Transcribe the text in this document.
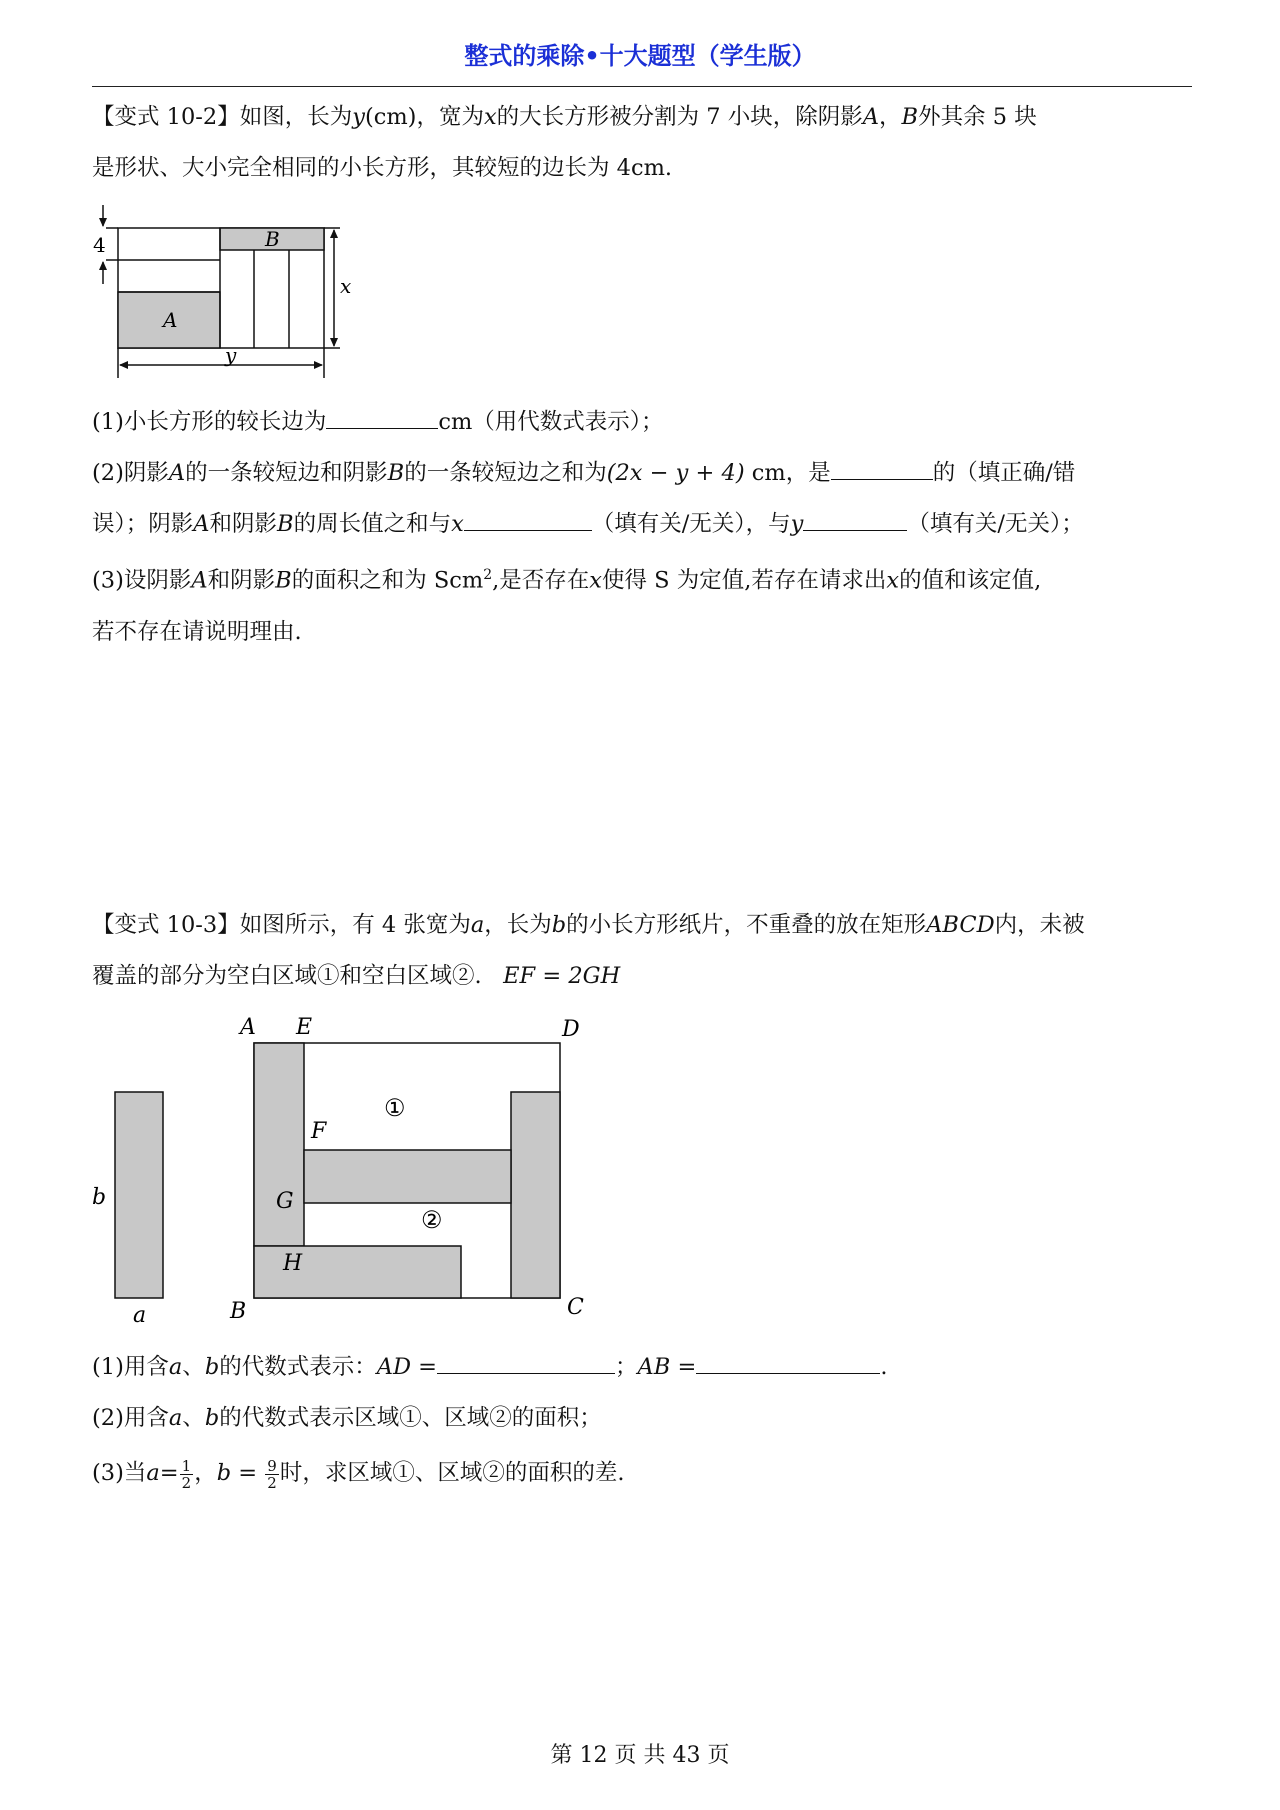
整式的乘除•十大题型（学生版）
【变式 10-2】如图，长为y(cm)，宽为x的大长方形被分割为 7 小块，除阴影A，B外其余 5 块
是形状、大小完全相同的小长方形，其较短的边长为 4cm.
4
A
B
x
y
(1)小长方形的较长边为	cm（用代数式表示）；
(2)阴影A的一条较短边和阴影B的一条较短边之和为(2x − y + 4) cm，是	的（填正确/错
误）；阴影A和阴影B的周长值之和与x	（填有关/无关），与y	（填有关/无关）；
(3)设阴影A和阴影B的面积之和为 Scm$^2$,是否存在x使得 S 为定值,若存在请求出x的值和该定值,
若不存在请说明理由.
【变式 10-3】如图所示，有 4 张宽为a，长为b的小长方形纸片，不重叠的放在矩形ABCD内，未被
覆盖的部分为空白区域①和空白区域②. EF = 2GH
b
a
A E	D
F
G
H
B	C
①
②
(1)用含a、b的代数式表示：AD =	；AB =	.
(2)用含a、b的代数式表示区域①、区域②的面积；
(3)当$a= \frac{1}{2}$ ，$b = \frac{9}{2}$ 时，求区域①、区域②的面积的差.
第 12 页 共 43 页
